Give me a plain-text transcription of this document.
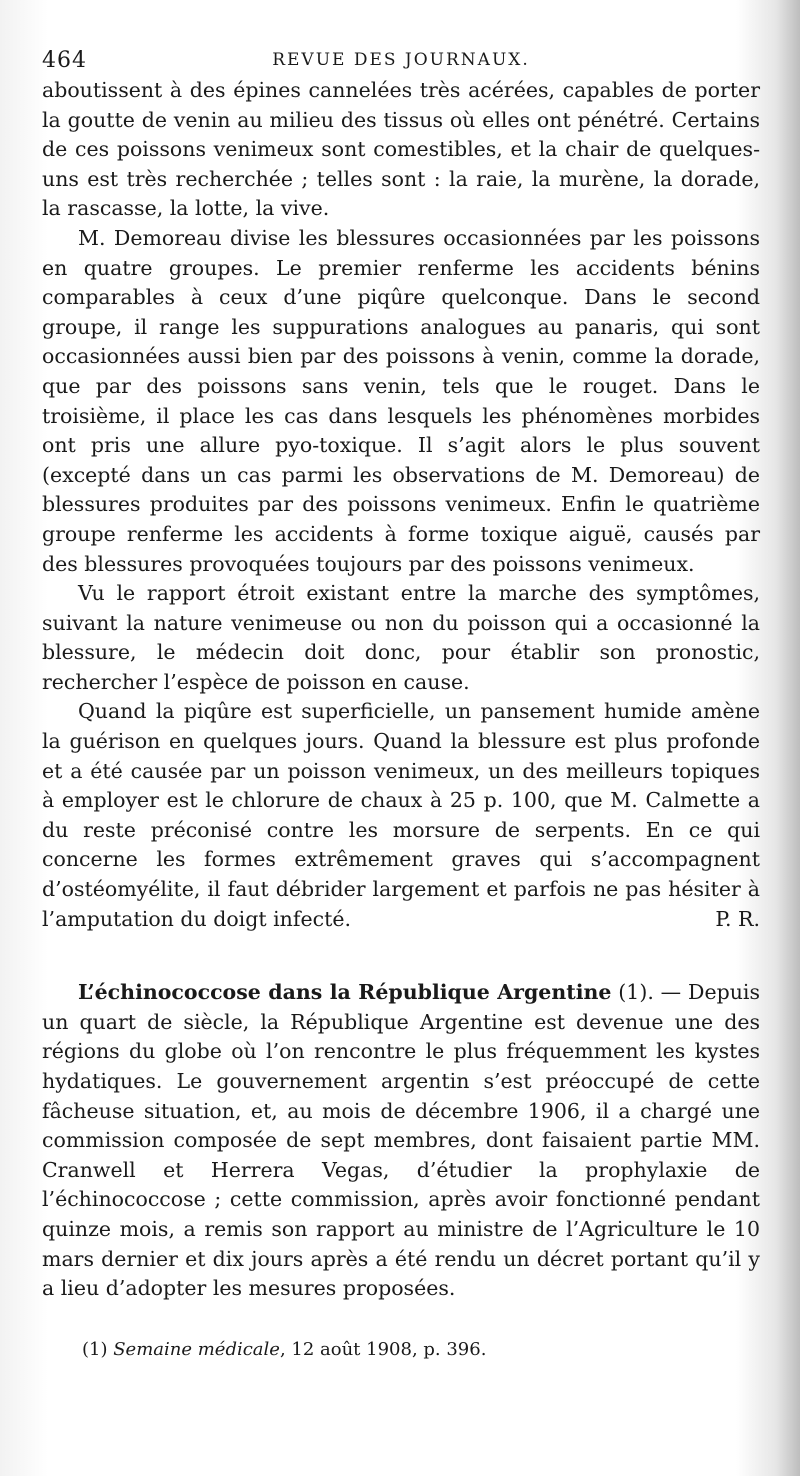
464	REVUE DES JOURNAUX.

aboutissent à des épines cannelées très acérées, capables de porter la goutte de venin au milieu des tissus où elles ont pénétré. Certains de ces poissons venimeux sont comestibles, et la chair de quelques-uns est très recherchée ; telles sont : la raie, la murène, la dorade, la rascasse, la lotte, la vive.

M. Demoreau divise les blessures occasionnées par les poissons en quatre groupes. Le premier renferme les accidents bénins comparables à ceux d’une piqûre quelconque. Dans le second groupe, il range les suppurations analogues au panaris, qui sont occasionnées aussi bien par des poissons à venin, comme la dorade, que par des poissons sans venin, tels que le rouget. Dans le troisième, il place les cas dans lesquels les phénomènes morbides ont pris une allure pyo-toxique. Il s’agit alors le plus souvent (excepté dans un cas parmi les observations de M. Demoreau) de blessures produites par des poissons venimeux. Enfin le quatrième groupe renferme les accidents à forme toxique aiguë, causés par des blessures provoquées toujours par des poissons venimeux.

Vu le rapport étroit existant entre la marche des symptômes, suivant la nature venimeuse ou non du poisson qui a occasionné la blessure, le médecin doit donc, pour établir son pronostic, rechercher l’espèce de poisson en cause.

Quand la piqûre est superficielle, un pansement humide amène la guérison en quelques jours. Quand la blessure est plus profonde et a été causée par un poisson venimeux, un des meilleurs topiques à employer est le chlorure de chaux à 25 p. 100, que M. Calmette a du reste préconisé contre les morsure de serpents. En ce qui concerne les formes extrêmement graves qui s’accompagnent d’ostéomyélite, il faut débrider largement et parfois ne pas hésiter à l’amputation du doigt infecté.	P. R.

L’échinococcose dans la République Argentine (1). — Depuis un quart de siècle, la République Argentine est devenue une des régions du globe où l’on rencontre le plus fréquemment les kystes hydatiques. Le gouvernement argentin s’est préoccupé de cette fâcheuse situation, et, au mois de décembre 1906, il a chargé une commission composée de sept membres, dont faisaient partie MM. Cranwell et Herrera Vegas, d’étudier la prophylaxie de l’échinococcose ; cette commission, après avoir fonctionné pendant quinze mois, a remis son rapport au ministre de l’Agriculture le 10 mars dernier et dix jours après a été rendu un décret portant qu’il y a lieu d’adopter les mesures proposées.

(1) Semaine médicale, 12 août 1908, p. 396.
